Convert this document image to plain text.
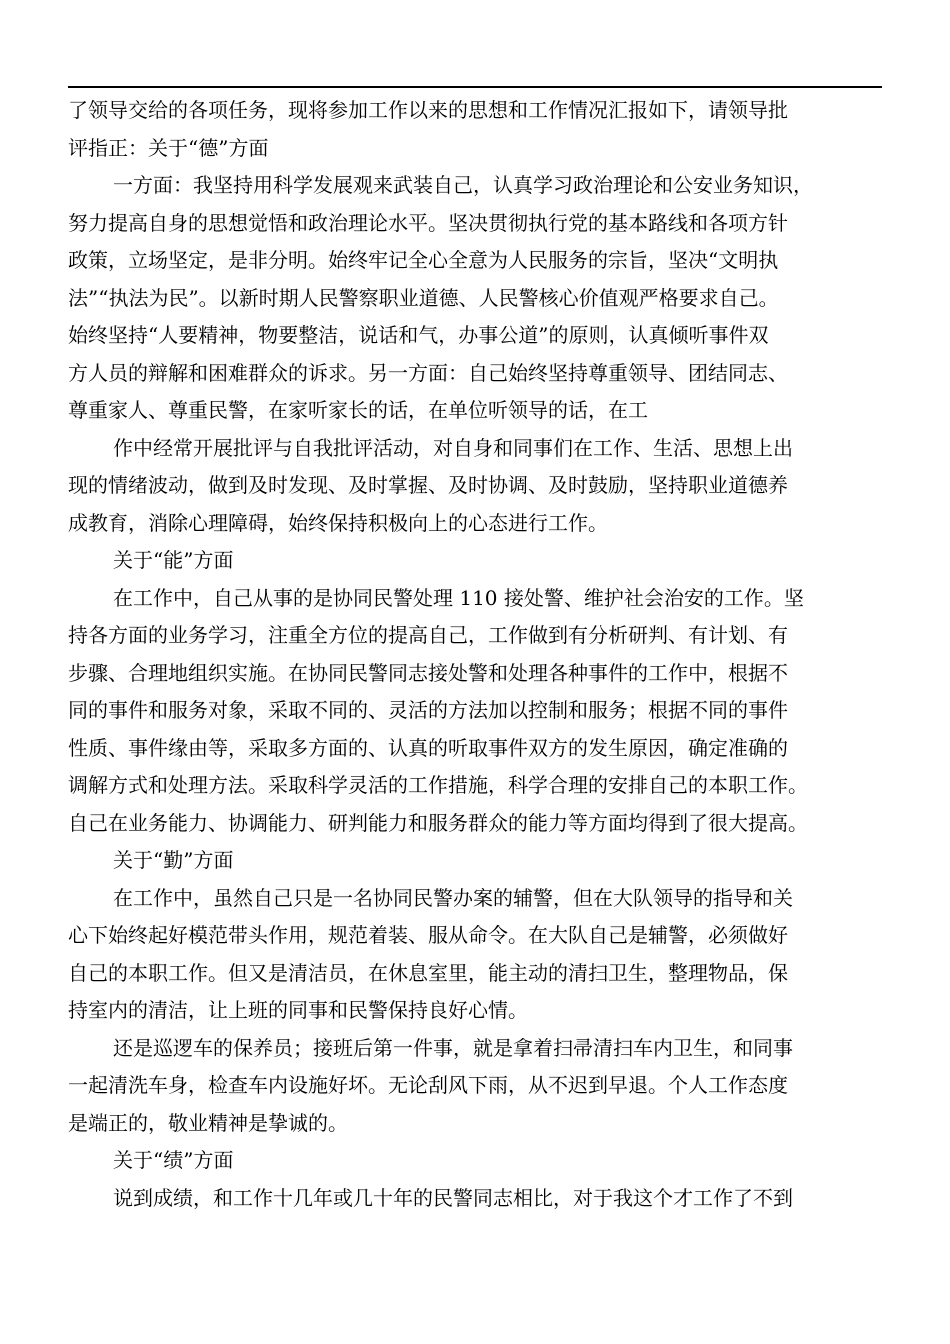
了领导交给的各项任务，现将参加工作以来的思想和工作情况汇报如下，请领导批

评指正：关于“德”方面

一方面：我坚持用科学发展观来武装自己，认真学习政治理论和公安业务知识，

努力提高自身的思想觉悟和政治理论水平。坚决贯彻执行党的基本路线和各项方针

政策，立场坚定，是非分明。始终牢记全心全意为人民服务的宗旨，坚决“文明执

法”“执法为民”。以新时期人民警察职业道德、人民警核心价值观严格要求自己。

始终坚持“人要精神，物要整洁，说话和气，办事公道”的原则，认真倾听事件双

方人员的辩解和困难群众的诉求。另一方面：自己始终坚持尊重领导、团结同志、

尊重家人、尊重民警，在家听家长的话，在单位听领导的话，在工

作中经常开展批评与自我批评活动，对自身和同事们在工作、生活、思想上出

现的情绪波动，做到及时发现、及时掌握、及时协调、及时鼓励，坚持职业道德养

成教育，消除心理障碍，始终保持积极向上的心态进行工作。

关于“能”方面

在工作中，自己从事的是协同民警处理 110 接处警、维护社会治安的工作。坚

持各方面的业务学习，注重全方位的提高自己，工作做到有分析研判、有计划、有

步骤、合理地组织实施。在协同民警同志接处警和处理各种事件的工作中，根据不

同的事件和服务对象，采取不同的、灵活的方法加以控制和服务；根据不同的事件

性质、事件缘由等，采取多方面的、认真的听取事件双方的发生原因，确定准确的

调解方式和处理方法。采取科学灵活的工作措施，科学合理的安排自己的本职工作。

自己在业务能力、协调能力、研判能力和服务群众的能力等方面均得到了很大提高。

关于“勤”方面

在工作中，虽然自己只是一名协同民警办案的辅警，但在大队领导的指导和关

心下始终起好模范带头作用，规范着装、服从命令。在大队自己是辅警，必须做好

自己的本职工作。但又是清洁员，在休息室里，能主动的清扫卫生，整理物品，保

持室内的清洁，让上班的同事和民警保持良好心情。

还是巡逻车的保养员；接班后第一件事，就是拿着扫帚清扫车内卫生，和同事

一起清洗车身，检查车内设施好坏。无论刮风下雨，从不迟到早退。个人工作态度

是端正的，敬业精神是挚诚的。

关于“绩”方面

说到成绩，和工作十几年或几十年的民警同志相比，对于我这个才工作了不到
